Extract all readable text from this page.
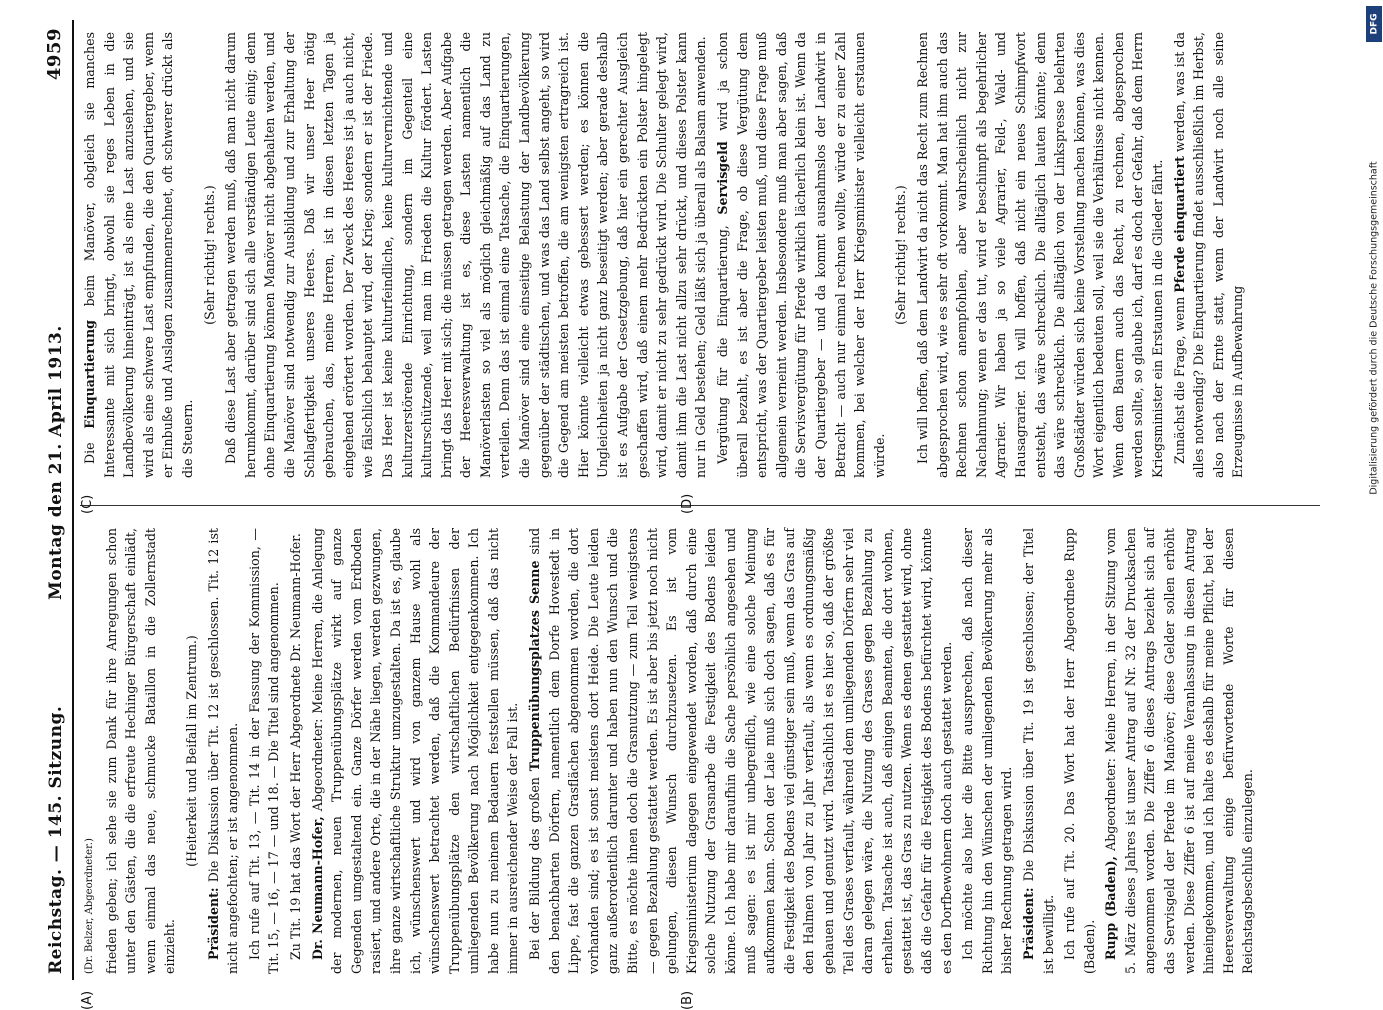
Reichstag. — 145. Sitzung.
Montag den 21. April 1913.
4959
(A)	(B)
(C)	(D)

(Dr. Belzer, Abgeordneter.) frieden geben; ich sehe sie zum Dank für ihre Anregungen schon unter den Gästen, die die erfreute Hechinger Bürgerschaft einlädt, wenn einmal das neue, schmucke Bataillon in die Zollernstadt einzieht.

(Heiterkeit und Beifall im Zentrum.)

Präsident: Die Diskussion über Tit. 12 ist geschlossen. Tit. 12 ist nicht angefochten; er ist angenommen. Ich rufe auf Tit. 13, — Tit. 14 in der Fassung der Kommission, — Tit. 15, — 16, — 17 — und 18. — Die Titel sind angenommen. Zu Tit. 19 hat das Wort der Herr Abgeordnete Dr. Neumann-Hofer. Dr. Neumann-Hofer, Abgeordneter: Meine Herren, die Anlegung der modernen, neuen Truppenübungsplätze wirkt auf ganze Gegenden umgestaltend ein. Ganze Dörfer werden vom Erdboden rasiert, und andere Orte, die in der Nähe liegen, werden gezwungen, ihre ganze wirtschaftliche Struktur umzugestalten. Da ist es, glaube ich, wünschenswert und wird von ganzem Hause wohl als wünschenswert betrachtet werden, daß die Kommandeure der Truppenübungsplätze den wirtschaftlichen Bedürfnissen der umliegenden Bevölkerung nach Möglichkeit entgegenkommen. Ich habe nun zu meinem Bedauern feststellen müssen, daß das nicht immer in ausreichender Weise der Fall ist. Bei der Bildung des großen Truppenübungsplatzes Senne sind den benachbarten Dörfern, namentlich dem Dorfe Hovestedt in Lippe, fast die ganzen Grasflächen abgenommen worden, die dort vorhanden sind; es ist sonst meistens dort Heide. Die Leute leiden ganz außerordentlich darunter und haben nun den Wunsch und die Bitte, es möchte ihnen doch die Grasnutzung — zum Teil wenigstens — gegen Bezahlung gestattet werden. Es ist aber bis jetzt noch nicht gelungen, diesen Wunsch durchzusetzen. Es ist vom Kriegsministerium dagegen eingewendet worden, daß durch eine solche Nutzung der Grasnarbe die Festigkeit des Bodens leiden könne. Ich habe mir daraufhin die Sache persönlich angesehen und muß sagen: es ist mir unbegreiflich, wie eine solche Meinung aufkommen kann. Schon der Laie muß sich doch sagen, daß es für die Festigkeit des Bodens viel günstiger sein muß, wenn das Gras auf den Halmen von Jahr zu Jahr verfault, als wenn es ordnungsmäßig gehauen und genutzt wird. Tatsächlich ist es hier so, daß der größte Teil des Grases verfault, während dem umliegenden Dörfern sehr viel daran gelegen wäre, die Nutzung des Grases gegen Bezahlung zu erhalten. Tatsache ist auch, daß einigen Beamten, die dort wohnen, gestattet ist, das Gras zu nutzen. Wenn es denen gestattet wird, ohne daß die Gefahr für die Festigkeit des Bodens befürchtet wird, könnte es den Dorfbewohnern doch auch gestattet werden. Ich möchte also hier die Bitte aussprechen, daß nach dieser Richtung hin den Wünschen der umliegenden Bevölkerung mehr als bisher Rechnung getragen wird. Präsident: Die Diskussion über Tit. 19 ist geschlossen; der Titel ist bewilligt. Ich rufe auf Tit. 20. Das Wort hat der Herr Abgeordnete Rupp (Baden). Rupp (Baden), Abgeordneter: Meine Herren, in der Sitzung vom 5. März dieses Jahres ist unser Antrag auf Nr. 32 der Drucksachen angenommen worden. Die Ziffer 6 dieses Antrags bezieht sich auf das Servisgeld der Pferde im Manöver; diese Gelder sollen erhöht werden. Diese Ziffer 6 ist auf meine Veranlassung in diesen Antrag hineingekommen, und ich halte es deshalb für meine Pflicht, bei der Heeresverwaltung einige befürwortende Worte für diesen Reichstagsbeschluß einzulegen.

Die Einquartierung beim Manöver, obgleich sie manches Interessante mit sich bringt, obwohl sie reges Leben in die Landbevölkerung hineinträgt, ist als eine Last anzusehen, und sie wird als eine schwere Last empfunden, die den Quartiergeber, wenn er Einbuße und Auslagen zusammenrechnet, oft schwerer drückt als die Steuern.

(Sehr richtig! rechts.) Daß diese Last aber getragen werden muß, daß man nicht darum herumkommt, darüber sind sich alle verständigen Leute einig; denn ohne Einquartierung können Manöver nicht abgehalten werden, und die Manöver sind notwendig zur Ausbildung und zur Erhaltung der Schlagfertigkeit unseres Heeres. Daß wir unser Heer nötig gebrauchen, das, meine Herren, ist in diesen letzten Tagen ja eingehend erörtert worden. Der Zweck des Heeres ist ja auch nicht, wie fälschlich behauptet wird, der Krieg; sondern er ist der Friede. Das Heer ist keine kulturfeindliche, keine kulturvernichtende und kulturzerstörende Einrichtung, sondern im Gegenteil eine kulturschützende, weil man im Frieden die Kultur fördert. Lasten bringt das Heer mit sich; die müssen getragen werden. Aber Aufgabe der Heeresverwaltung ist es, diese Lasten namentlich die Manöverlasten so viel als möglich gleichmäßig auf das Land zu verteilen. Denn das ist einmal eine Tatsache, die Einquartierungen, die Manöver sind eine einseitige Belastung der Landbevölkerung gegenüber der städtischen, und was das Land selbst angeht, so wird die Gegend am meisten betroffen, die am wenigsten ertragreich ist. Hier könnte vielleicht etwas gebessert werden; es können die Ungleichheiten ja nicht ganz beseitigt werden; aber gerade deshalb ist es Aufgabe der Gesetzgebung, daß hier ein gerechter Ausgleich geschaffen wird, daß einem mehr Bedrückten ein Polster hingelegt wird, damit er nicht zu sehr gedrückt wird. Die Schulter gelegt wird, damit ihm die Last nicht allzu sehr drückt, und dieses Polster kann nur in Geld bestehen; Geld läßt sich ja überall als Balsam anwenden. Vergütung für die Einquartierung, Servisgeld wird ja schon überall bezahlt, es ist aber die Frage, ob diese Vergütung dem entspricht, was der Quartiergeber leisten muß, und diese Frage muß allgemein verneint werden. Insbesondere muß man aber sagen, daß die Servisvergütung für Pferde wirklich lächerlich klein ist. Wenn da der Quartiergeber — und da kommt ausnahmslos der Landwirt in Betracht — auch nur einmal rechnen wollte, würde er zu einer Zahl kommen, bei welcher der Herr Kriegsminister vielleicht erstaunen würde.

(Sehr richtig! rechts.) Ich will hoffen, daß dem Landwirt da nicht das Recht zum Rechnen abgesprochen wird, wie es sehr oft vorkommt. Man hat ihm auch das Rechnen schon anempfohlen, aber wahrscheinlich nicht zur Nachahmung; wenn er das tut, wird er beschimpft als begehrlicher Agrarier. Wir haben ja so viele Agrarier, Feld-, Wald- und Hausagrarier. Ich will hoffen, daß nicht ein neues Schimpfwort entsteht, das wäre schrecklich. Die alltäglich lauten könnte; denn das wäre schrecklich. Die alltäglich von der Linkspresse belehrten Großstädter würden sich keine Vorstellung machen können, was dies Wort eigentlich bedeuten soll, weil sie die Verhältnisse nicht kennen. Wenn dem Bauern auch das Recht, zu rechnen, abgesprochen werden sollte, so glaube ich, darf es doch der Gefahr, daß dem Herrn Kriegsminister ein Erstaunen in die Glieder fährt. Zunächst die Frage, wenn Pferde einquartiert werden, was ist da alles notwendig? Die Einquartierung findet ausschließlich im Herbst, also nach der Ernte statt, wenn der Landwirt noch alle seine Erzeugnisse in Aufbewahrung

DFG
Digitalisierung gefördert durch die Deutsche Forschungsgemeinschaft
